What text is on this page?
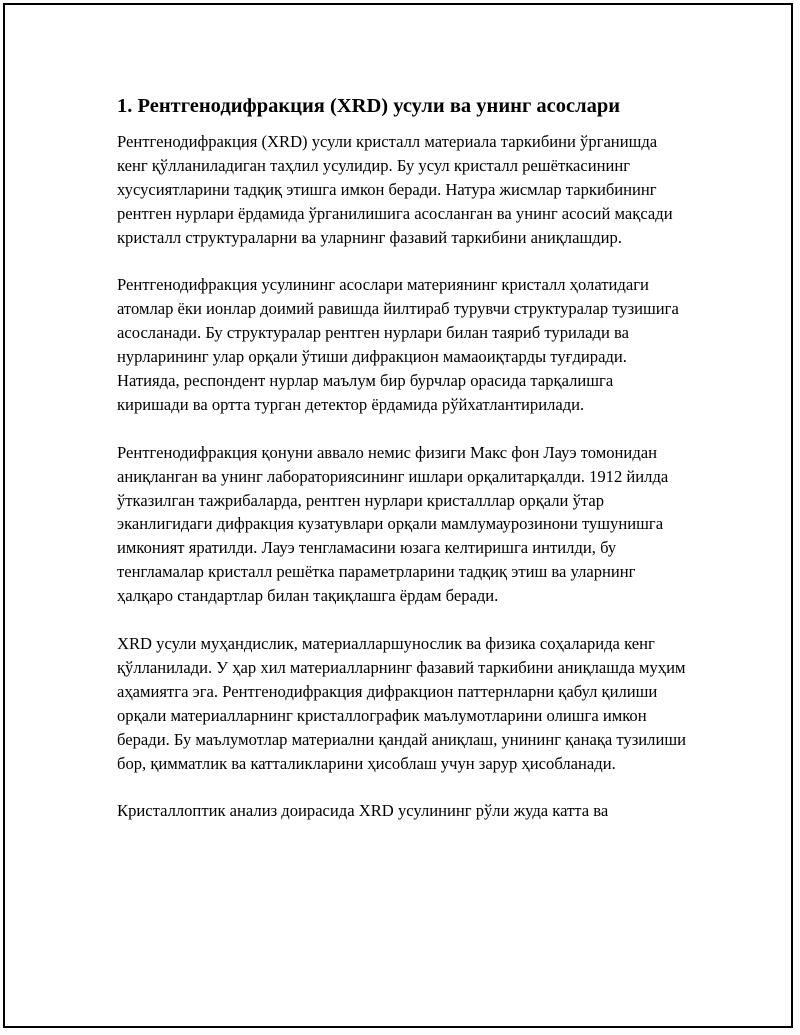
1. Рентгенодифракция (XRD) усули ва унинг асослари

Рентгенодифракция (XRD) усули кристалл материала таркибини ўрганишда кенг қўлланиладиган таҳлил усулидир. Бу усул кристалл решёткасининг хусусиятларини тадқиқ этишга имкон беради. Натура жисмлар таркибининг рентген нурлари ёрдамида ўрганилишига асосланган ва унинг асосий мақсади кристалл структураларни ва уларнинг фазавий таркибини аниқлашдир.

Рентгенодифракция усулининг асослари материянинг кристалл ҳолатидаги атомлар ёки ионлар доимий равишда йилтираб турувчи структуралар тузишига асосланади. Бу структуралар рентген нурлари билан таяриб турилади ва нурларининг улар орқали ўтиши дифракцион мамаоиқтарды туғдиради. Натияда, респондент нурлар маълум бир бурчлар орасида тарқалишга киришади ва ортта турган детектор ёрдамида рўйхатлантирилади.

Рентгенодифракция қонуни аввало немис физиги Макс фон Лауэ томонидан аниқланган ва унинг лабораториясининг ишлари орқалитарқалди. 1912 йилда ўтказилган тажрибаларда, рентген нурлари кристалллар орқали ўтар эканлигидаги дифракция кузатувлари орқали мамлумаурозинони тушунишга имконият яратилди. Лауэ тенгламасини юзага келтиришга интилди, бу тенгламалар кристалл решётка параметрларини тадқиқ этиш ва уларнинг ҳалқаро стандартлар билан тақиқлашга ёрдам беради.

XRD усули муҳандислик, материалларшунослик ва физика соҳаларида кенг қўлланилади. У ҳар хил материалларнинг фазавий таркибини аниқлашда муҳим аҳамиятга эга. Рентгенодифракция дифракцион паттернларни қабул қилиши орқали материалларнинг кристаллографик маълумотларини олишга имкон беради. Бу маълумотлар материални қандай аниқлаш, унининг қанақа тузилиши бор, қимматлик ва катталикларини ҳисоблаш учун зарур ҳисобланади.

Кристаллоптик анализ доирасида XRD усулининг рўли жуда катта ва
